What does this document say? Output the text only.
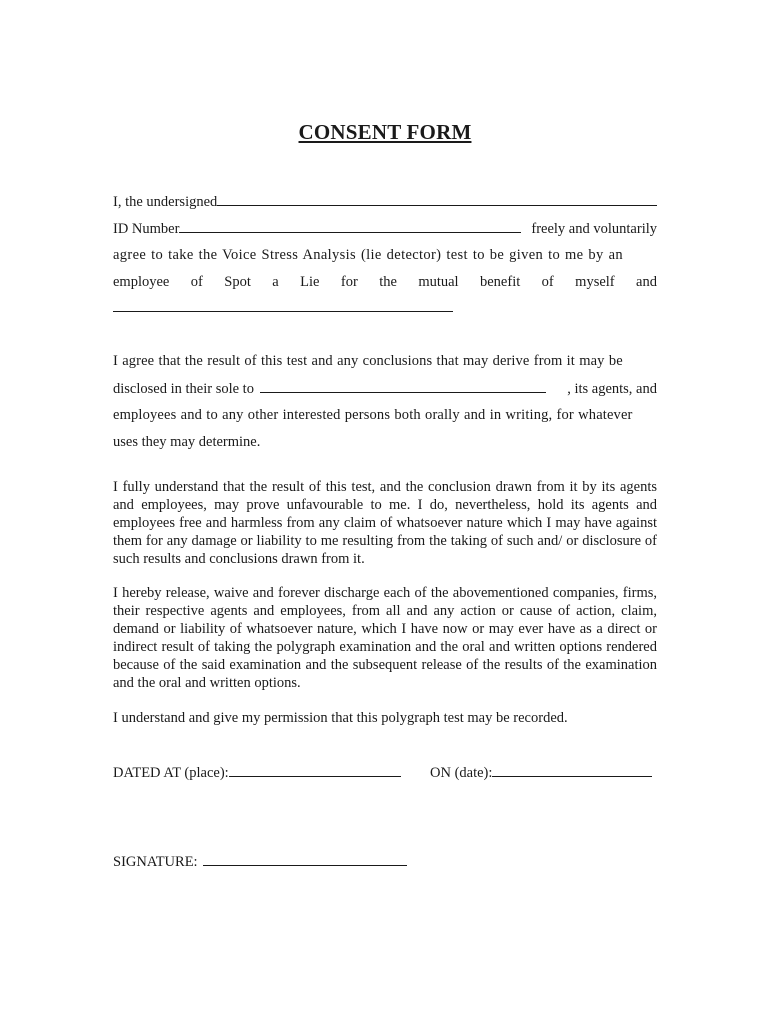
CONSENT FORM
I, the undersigned
ID Number	freely and voluntarily
agree to take the Voice Stress Analysis (lie detector) test to be given to me by an
employee of Spot a Lie for the mutual benefit of myself and
I agree that the result of this test and any conclusions that may derive from it may be
disclosed in their sole to	, its agents, and
employees and to any other interested persons both orally and in writing, for whatever
uses they may determine.
I fully understand that the result of this test, and the conclusion drawn from it by its agents and employees, may prove unfavourable to me. I do, nevertheless, hold its agents and employees free and harmless from any claim of whatsoever nature which I may have against them for any damage or liability to me resulting from the taking of such and/ or disclosure of such results and conclusions drawn from it.
I hereby release, waive and forever discharge each of the abovementioned companies, firms, their respective agents and employees, from all and any action or cause of action, claim, demand or liability of whatsoever nature, which I have now or may ever have as a direct or indirect result of taking the polygraph examination and the oral and written options rendered because of the said examination and the subsequent release of the results of the examination and the oral and written options.
I understand and give my permission that this polygraph test may be recorded.
DATED AT (place):	ON (date):
SIGNATURE:
